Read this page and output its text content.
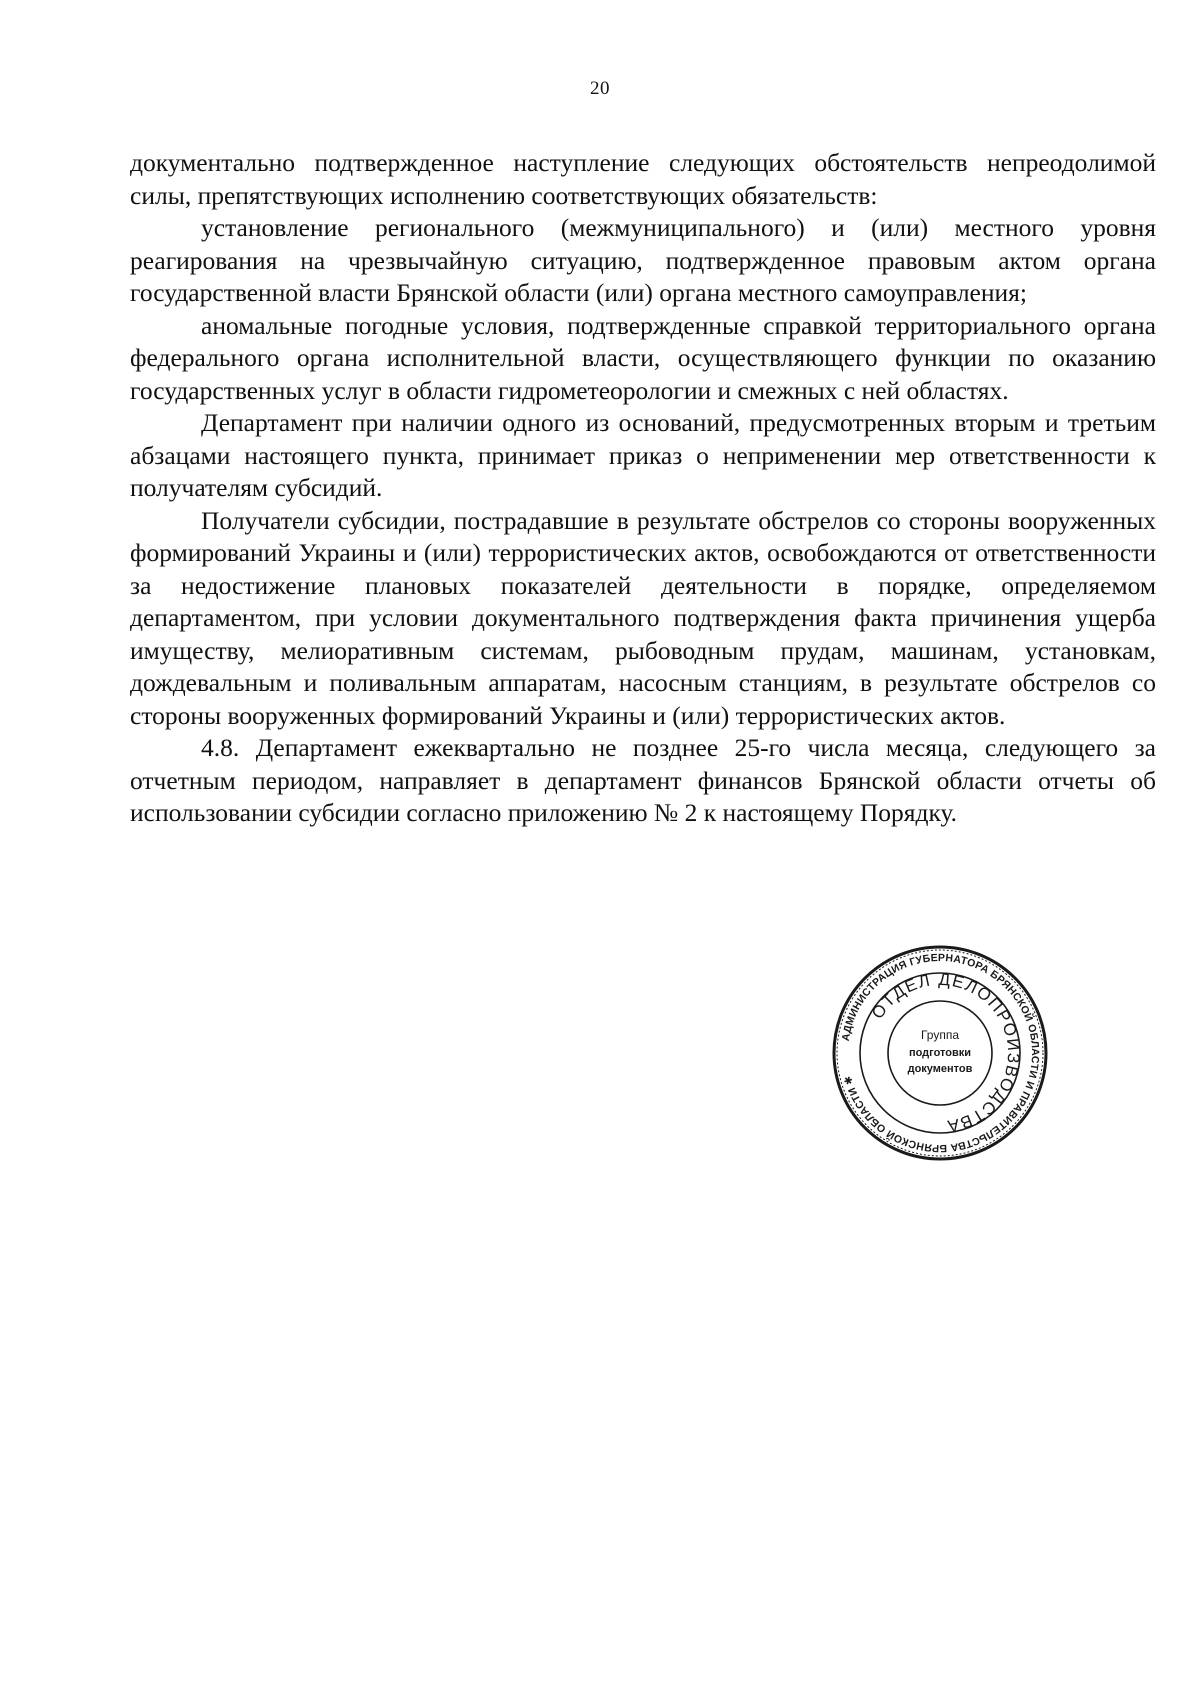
20

документально подтвержденное наступление следующих обстоятельств непреодолимой силы, препятствующих исполнению соответствующих обязательств:

установление регионального (межмуниципального) и (или) местного уровня реагирования на чрезвычайную ситуацию, подтвержденное правовым актом органа государственной власти Брянской области (или) органа местного самоуправления;

аномальные погодные условия, подтвержденные справкой территориального органа федерального органа исполнительной власти, осуществляющего функции по оказанию государственных услуг в области гидрометеорологии и смежных с ней областях.

Департамент при наличии одного из оснований, предусмотренных вторым и третьим абзацами настоящего пункта, принимает приказ о неприменении мер ответственности к получателям субсидий.

Получатели субсидии, пострадавшие в результате обстрелов со стороны вооруженных формирований Украины и (или) террористических актов, освобождаются от ответственности за недостижение плановых показателей деятельности в порядке, определяемом департаментом, при условии документального подтверждения факта причинения ущерба имуществу, мелиоративным системам, рыбоводным прудам, машинам, установкам, дождевальным и поливальным аппаратам, насосным станциям, в результате обстрелов со стороны вооруженных формирований Украины и (или) террористических актов.

4.8. Департамент ежеквартально не позднее 25-го числа месяца, следующего за отчетным периодом, направляет в департамент финансов Брянской области отчеты об использовании субсидии согласно приложению № 2 к настоящему Порядку.

АДМИНИСТРАЦИЯ ГУБЕРНАТОРА БРЯНСКОЙ ОБЛАСТИ И ПРАВИТЕЛЬСТВА БРЯНСКОЙ ОБЛАСТИ ✱
ОТДЕЛ ДЕЛОПРОИЗВОДСТВА
Группа
подготовки
документов
